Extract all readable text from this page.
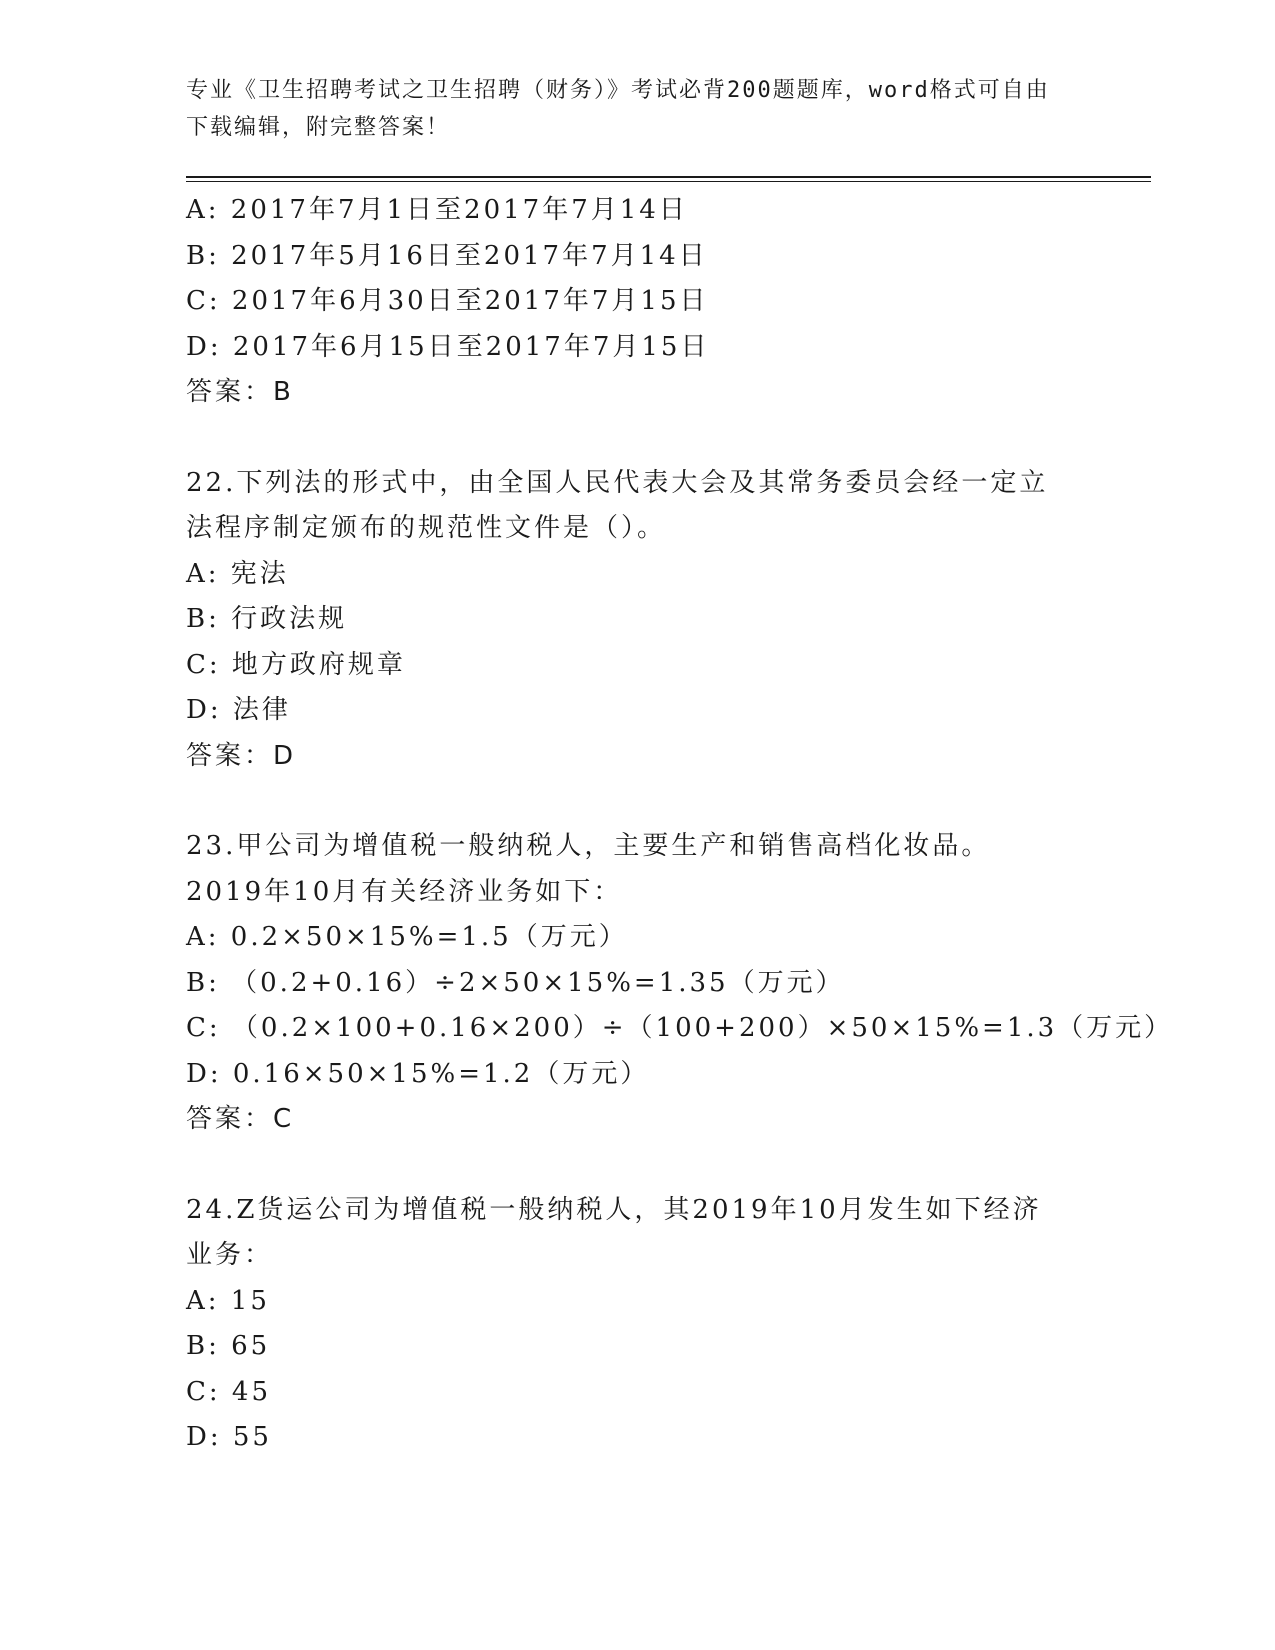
专业《卫生招聘考试之卫生招聘（财务）》考试必背200题题库，word格式可自由下载编辑，附完整答案！
A: 2017年7月1日至2017年7月14日
B: 2017年5月16日至2017年7月14日
C: 2017年6月30日至2017年7月15日
D: 2017年6月15日至2017年7月15日
答案：B
22.下列法的形式中，由全国人民代表大会及其常务委员会经一定立法程序制定颁布的规范性文件是（）。
A: 宪法
B: 行政法规
C: 地方政府规章
D: 法律
答案：D
23.甲公司为增值税一般纳税人，主要生产和销售高档化妆品。2019年10月有关经济业务如下：
A: 0.2×50×15%=1.5（万元）
B: （0.2+0.16）÷2×50×15%=1.35（万元）
C: （0.2×100+0.16×200）÷（100+200）×50×15%=1.3（万元）
D: 0.16×50×15%=1.2（万元）
答案：C
24.Z货运公司为增值税一般纳税人，其2019年10月发生如下经济业务：
A: 15
B: 65
C: 45
D: 55
